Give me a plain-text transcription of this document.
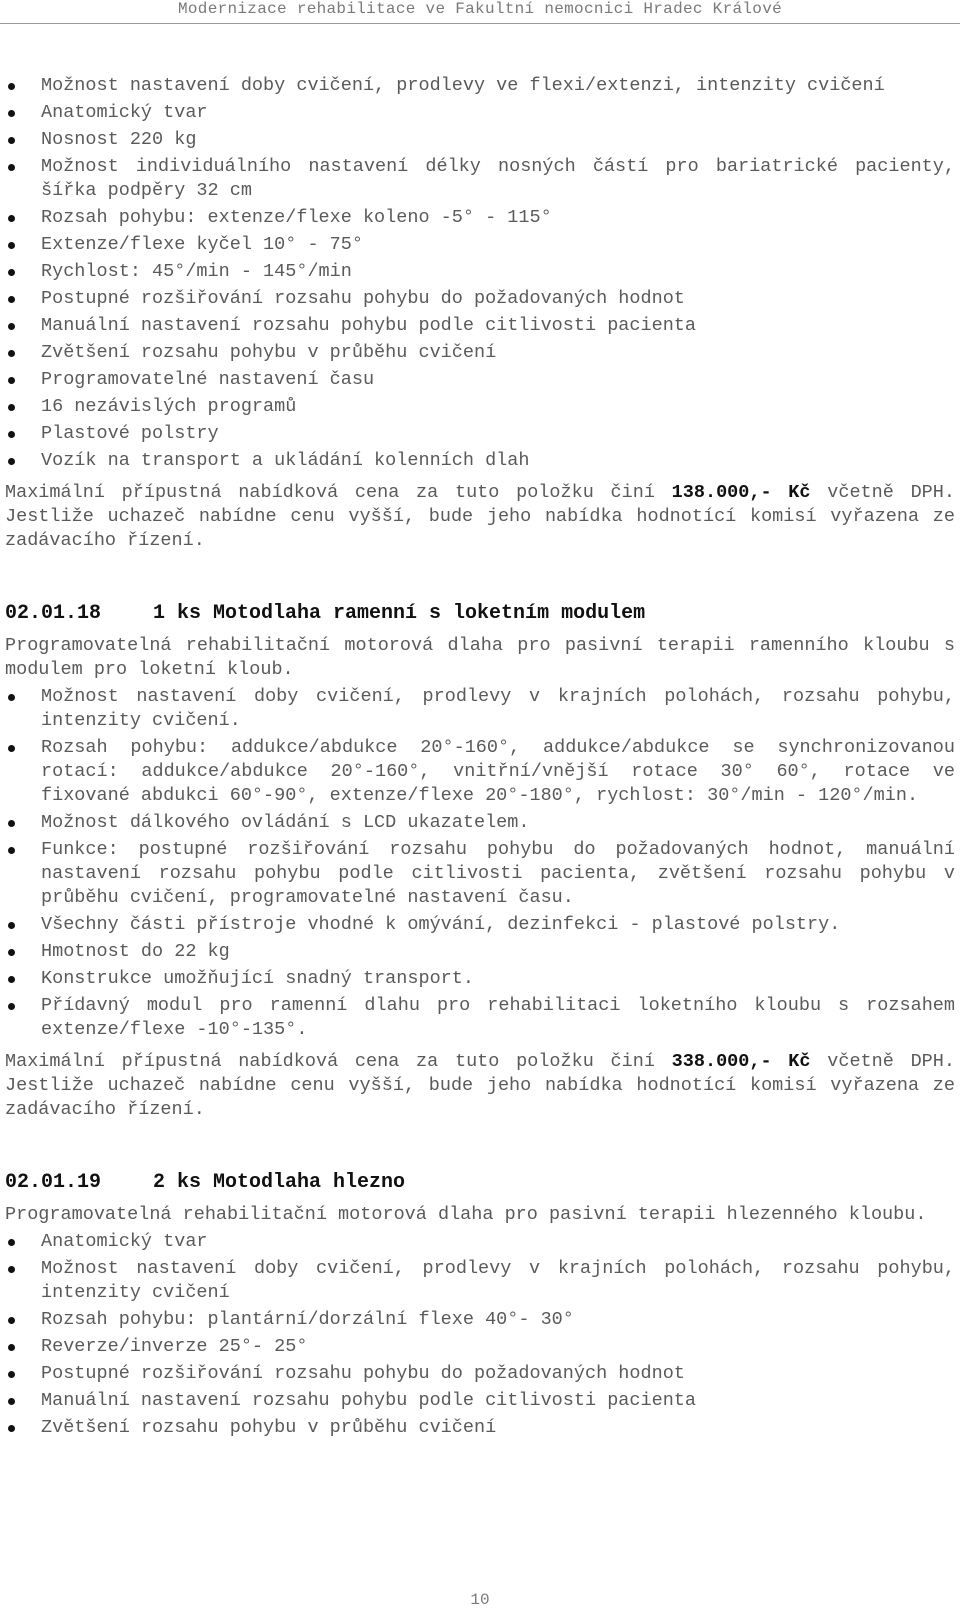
Modernizace rehabilitace ve Fakultní nemocnici Hradec Králové
Možnost nastavení doby cvičení, prodlevy ve flexi/extenzi, intenzity cvičení
Anatomický tvar
Nosnost 220 kg
Možnost individuálního nastavení délky nosných částí pro bariatrické pacienty, šířka podpěry 32 cm
Rozsah pohybu: extenze/flexe koleno -5° - 115°
Extenze/flexe kyčel 10° - 75°
Rychlost: 45°/min - 145°/min
Postupné rozšiřování rozsahu pohybu do požadovaných hodnot
Manuální nastavení rozsahu pohybu podle citlivosti pacienta
Zvětšení rozsahu pohybu v průběhu cvičení
Programovatelné nastavení času
16 nezávislých programů
Plastové polstry
Vozík na transport a ukládání kolenních dlah

Maximální přípustná nabídková cena za tuto položku činí 138.000,- Kč včetně DPH. Jestliže uchazeč nabídne cenu vyšší, bude jeho nabídka hodnotící komisí vyřazena ze zadávacího řízení.

02.01.18	1 ks Motodlaha ramenní s loketním modulem

Programovatelná rehabilitační motorová dlaha pro pasivní terapii ramenního kloubu s modulem pro loketní kloub.

Možnost nastavení doby cvičení, prodlevy v krajních polohách, rozsahu pohybu, intenzity cvičení.
Rozsah pohybu: addukce/abdukce 20°-160°, addukce/abdukce se synchronizovanou rotací: addukce/abdukce 20°-160°, vnitřní/vnější rotace 30° 60°, rotace ve fixované abdukci 60°-90°, extenze/flexe 20°-180°, rychlost: 30°/min - 120°/min.
Možnost dálkového ovládání s LCD ukazatelem.
Funkce: postupné rozšiřování rozsahu pohybu do požadovaných hodnot, manuální nastavení rozsahu pohybu podle citlivosti pacienta, zvětšení rozsahu pohybu v průběhu cvičení, programovatelné nastavení času.
Všechny části přístroje vhodné k omývání, dezinfekci - plastové polstry.
Hmotnost do 22 kg
Konstrukce umožňující snadný transport.
Přídavný modul pro ramenní dlahu pro rehabilitaci loketního kloubu s rozsahem extenze/flexe -10°-135°.

Maximální přípustná nabídková cena za tuto položku činí 338.000,- Kč včetně DPH. Jestliže uchazeč nabídne cenu vyšší, bude jeho nabídka hodnotící komisí vyřazena ze zadávacího řízení.

02.01.19	2 ks Motodlaha hlezno

Programovatelná rehabilitační motorová dlaha pro pasivní terapii hlezenného kloubu.

Anatomický tvar
Možnost nastavení doby cvičení, prodlevy v krajních polohách, rozsahu pohybu, intenzity cvičení
Rozsah pohybu: plantární/dorzální flexe 40°- 30°
Reverze/inverze 25°- 25°
Postupné rozšiřování rozsahu pohybu do požadovaných hodnot
Manuální nastavení rozsahu pohybu podle citlivosti pacienta
Zvětšení rozsahu pohybu v průběhu cvičení
10
